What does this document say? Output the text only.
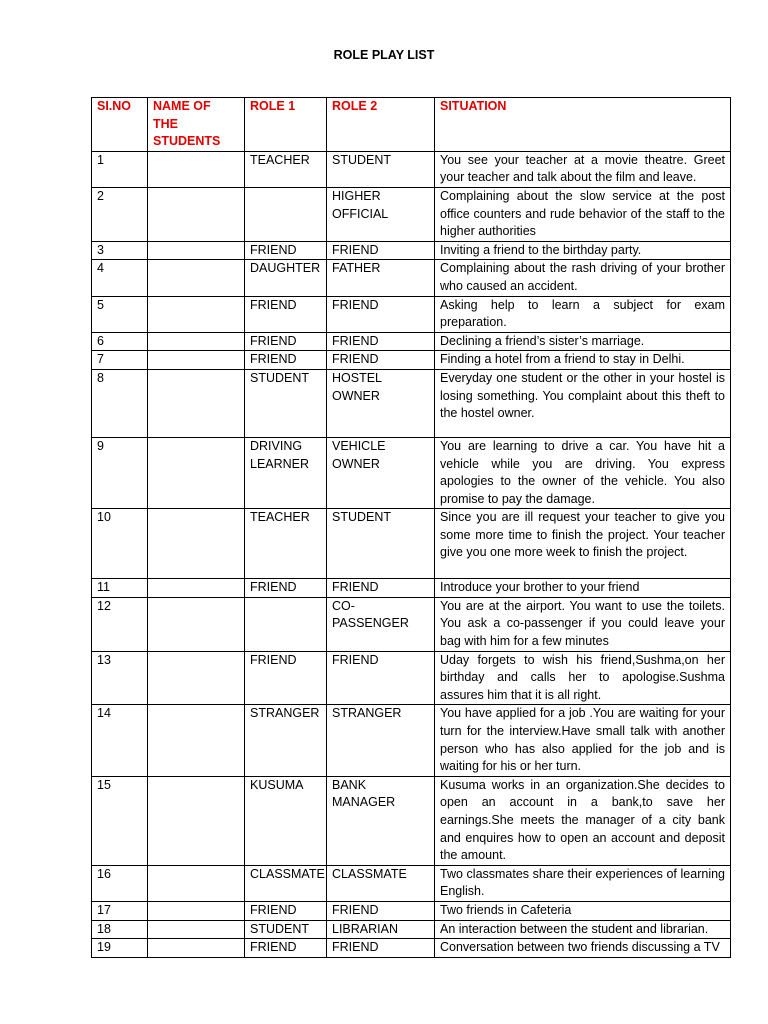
ROLE PLAY LIST
SI.NO	NAME OF THE STUDENTS	ROLE 1	ROLE 2	SITUATION
1		TEACHER	STUDENT	You see your teacher at a movie theatre. Greet your teacher and talk about the film and leave.
2			HIGHER OFFICIAL	Complaining about the slow service at the post office counters and rude behavior of the staff to the higher authorities
3		FRIEND	FRIEND	Inviting a friend to the birthday party.
4		DAUGHTER	FATHER	Complaining about the rash driving of your brother who caused an accident.
5		FRIEND	FRIEND	Asking help to learn a subject for exam preparation.
6		FRIEND	FRIEND	Declining a friend’s sister’s marriage.
7		FRIEND	FRIEND	Finding a hotel from a friend to stay in Delhi.
8		STUDENT	HOSTEL OWNER	Everyday one student or the other in your hostel is losing something. You complaint about this theft to the hostel owner.
9		DRIVING LEARNER	VEHICLE OWNER	You are learning to drive a car. You have hit a vehicle while you are driving. You express apologies to the owner of the vehicle. You also promise to pay the damage.
10		TEACHER	STUDENT	Since you are ill request your teacher to give you some more time to finish the project. Your teacher give you one more week to finish the project.
11		FRIEND	FRIEND	Introduce your brother to your friend
12			CO-PASSENGER	You are at the airport. You want to use the toilets. You ask a co-passenger if you could leave your bag with him for a few minutes
13		FRIEND	FRIEND	Uday forgets to wish his friend,Sushma,on her birthday and calls her to apologise.Sushma assures him that it is all right.
14		STRANGER	STRANGER	You have applied for a job .You are waiting for your turn for the interview.Have small talk with another person who has also applied for the job and is waiting for his or her turn.
15		KUSUMA	BANK MANAGER	Kusuma works in an organization.She decides to open an account in a bank,to save her earnings.She meets the manager of a city bank and enquires how to open an account and deposit the amount.
16		CLASSMATE	CLASSMATE	Two classmates share their experiences of learning English.
17		FRIEND	FRIEND	Two friends in Cafeteria
18		STUDENT	LIBRARIAN	An interaction between the student and librarian.
19		FRIEND	FRIEND	Conversation between two friends discussing a TV
